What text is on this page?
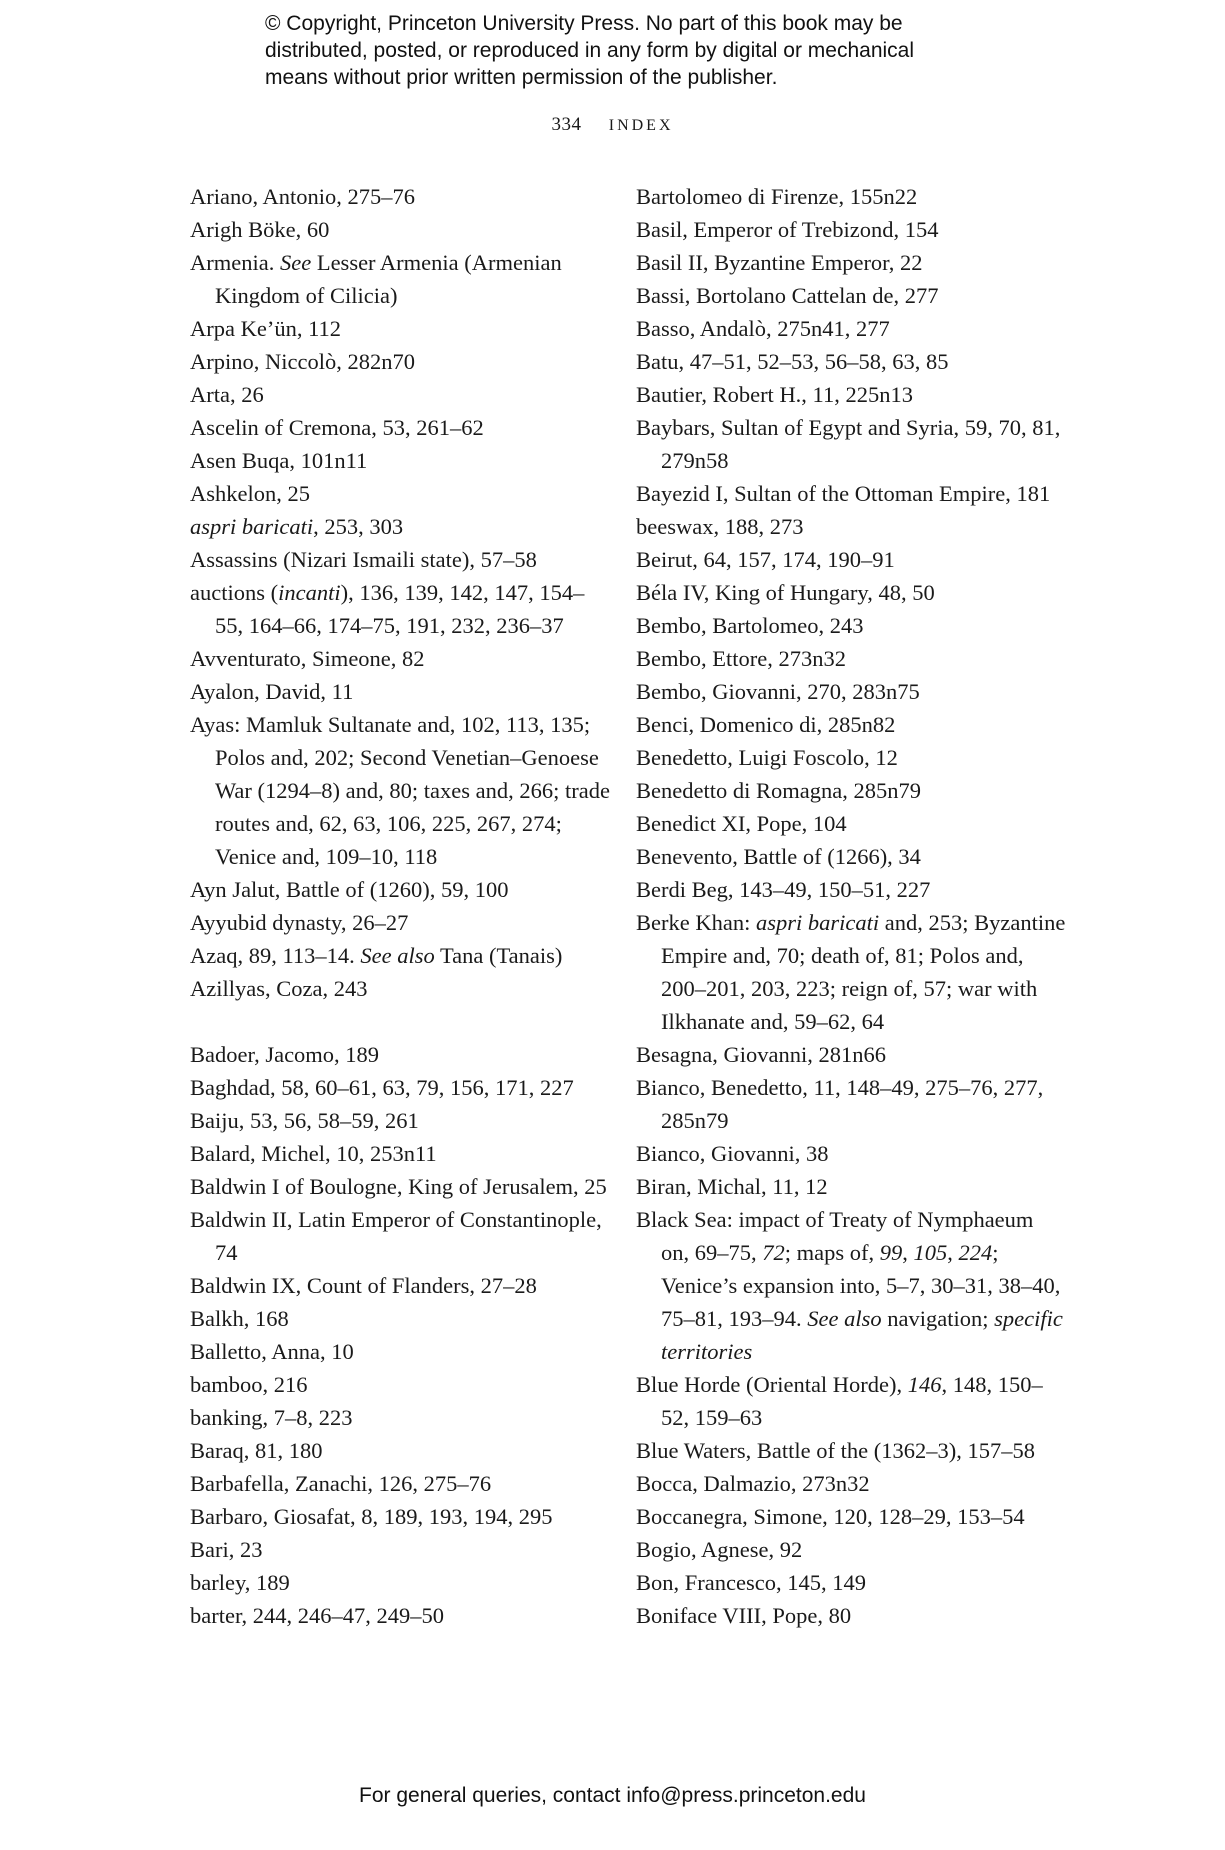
© Copyright, Princeton University Press. No part of this book may be
distributed, posted, or reproduced in any form by digital or mechanical
means without prior written permission of the publisher.
334 INDEX
Ariano, Antonio, 275–76
Arigh Böke, 60
Armenia. See Lesser Armenia (Armenian Kingdom of Cilicia)
Arpa Ke’ün, 112
Arpino, Niccolò, 282n70
Arta, 26
Ascelin of Cremona, 53, 261–62
Asen Buqa, 101n11
Ashkelon, 25
aspri baricati, 253, 303
Assassins (Nizari Ismaili state), 57–58
auctions (incanti), 136, 139, 142, 147, 154–55, 164–66, 174–75, 191, 232, 236–37
Avventurato, Simeone, 82
Ayalon, David, 11
Ayas: Mamluk Sultanate and, 102, 113, 135; Polos and, 202; Second Venetian–Genoese War (1294–8) and, 80; taxes and, 266; trade routes and, 62, 63, 106, 225, 267, 274; Venice and, 109–10, 118
Ayn Jalut, Battle of (1260), 59, 100
Ayyubid dynasty, 26–27
Azaq, 89, 113–14. See also Tana (Tanais)
Azillyas, Coza, 243
Badoer, Jacomo, 189
Baghdad, 58, 60–61, 63, 79, 156, 171, 227
Baiju, 53, 56, 58–59, 261
Balard, Michel, 10, 253n11
Baldwin I of Boulogne, King of Jerusalem, 25
Baldwin II, Latin Emperor of Constantinople, 74
Baldwin IX, Count of Flanders, 27–28
Balkh, 168
Balletto, Anna, 10
bamboo, 216
banking, 7–8, 223
Baraq, 81, 180
Barbafella, Zanachi, 126, 275–76
Barbaro, Giosafat, 8, 189, 193, 194, 295
Bari, 23
barley, 189
barter, 244, 246–47, 249–50
Bartolomeo di Firenze, 155n22
Basil, Emperor of Trebizond, 154
Basil II, Byzantine Emperor, 22
Bassi, Bortolano Cattelan de, 277
Basso, Andalò, 275n41, 277
Batu, 47–51, 52–53, 56–58, 63, 85
Bautier, Robert H., 11, 225n13
Baybars, Sultan of Egypt and Syria, 59, 70, 81, 279n58
Bayezid I, Sultan of the Ottoman Empire, 181
beeswax, 188, 273
Beirut, 64, 157, 174, 190–91
Béla IV, King of Hungary, 48, 50
Bembo, Bartolomeo, 243
Bembo, Ettore, 273n32
Bembo, Giovanni, 270, 283n75
Benci, Domenico di, 285n82
Benedetto, Luigi Foscolo, 12
Benedetto di Romagna, 285n79
Benedict XI, Pope, 104
Benevento, Battle of (1266), 34
Berdi Beg, 143–49, 150–51, 227
Berke Khan: aspri baricati and, 253; Byzantine Empire and, 70; death of, 81; Polos and, 200–201, 203, 223; reign of, 57; war with Ilkhanate and, 59–62, 64
Besagna, Giovanni, 281n66
Bianco, Benedetto, 11, 148–49, 275–76, 277, 285n79
Bianco, Giovanni, 38
Biran, Michal, 11, 12
Black Sea: impact of Treaty of Nymphaeum on, 69–75, 72; maps of, 99, 105, 224; Venice’s expansion into, 5–7, 30–31, 38–40, 75–81, 193–94. See also navigation; specific territories
Blue Horde (Oriental Horde), 146, 148, 150–52, 159–63
Blue Waters, Battle of the (1362–3), 157–58
Bocca, Dalmazio, 273n32
Boccanegra, Simone, 120, 128–29, 153–54
Bogio, Agnese, 92
Bon, Francesco, 145, 149
Boniface VIII, Pope, 80
For general queries, contact info@press.princeton.edu
